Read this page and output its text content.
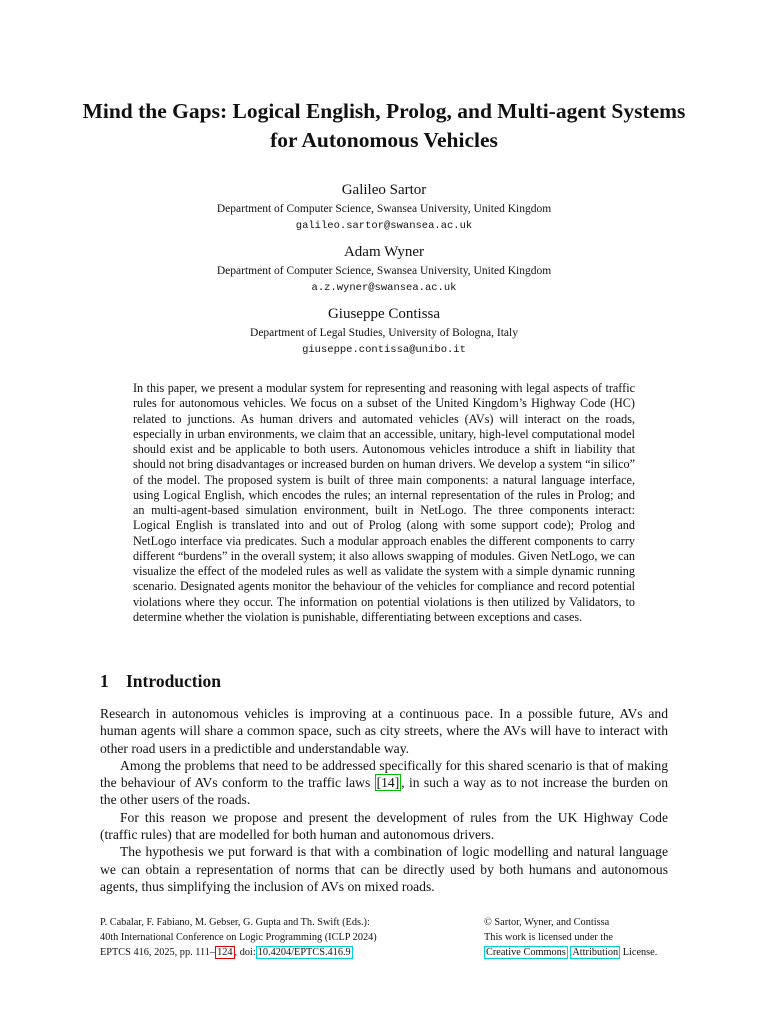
Mind the Gaps: Logical English, Prolog, and Multi-agent Systems for Autonomous Vehicles
Galileo Sartor
Department of Computer Science, Swansea University, United Kingdom
galileo.sartor@swansea.ac.uk
Adam Wyner
Department of Computer Science, Swansea University, United Kingdom
a.z.wyner@swansea.ac.uk
Giuseppe Contissa
Department of Legal Studies, University of Bologna, Italy
giuseppe.contissa@unibo.it

In this paper, we present a modular system for representing and reasoning with legal aspects of traffic rules for autonomous vehicles. We focus on a subset of the United Kingdom’s Highway Code (HC) related to junctions. As human drivers and automated vehicles (AVs) will interact on the roads, especially in urban environments, we claim that an accessible, unitary, high-level computational model should exist and be applicable to both users. Autonomous vehicles introduce a shift in liability that should not bring disadvantages or increased burden on human drivers. We develop a system “in silico” of the model. The proposed system is built of three main components: a natural language interface, using Logical English, which encodes the rules; an internal representation of the rules in Prolog; and an multi-agent-based simulation environment, built in NetLogo. The three components interact: Logical English is translated into and out of Prolog (along with some support code); Prolog and NetLogo interface via predicates. Such a modular approach enables the different components to carry different “burdens” in the overall system; it also allows swapping of modules. Given NetLogo, we can visualize the effect of the modeled rules as well as validate the system with a simple dynamic running scenario. Designated agents monitor the behaviour of the vehicles for compliance and record potential violations where they occur. The information on potential violations is then utilized by Validators, to determine whether the violation is punishable, differentiating between exceptions and cases.

1 Introduction

Research in autonomous vehicles is improving at a continuous pace. In a possible future, AVs and human agents will share a common space, such as city streets, where the AVs will have to interact with other road users in a predictible and understandable way.

Among the problems that need to be addressed specifically for this shared scenario is that of making the behaviour of AVs conform to the traffic laws [14] , in such a way as to not increase the burden on the other users of the roads.

For this reason we propose and present the development of rules from the UK Highway Code (traffic rules) that are modelled for both human and autonomous drivers.

The hypothesis we put forward is that with a combination of logic modelling and natural language we can obtain a representation of norms that can be directly used by both humans and autonomous agents, thus simplifying the inclusion of AVs on mixed roads.

P. Cabalar, F. Fabiano, M. Gebser, G. Gupta and Th. Swift (Eds.):
40th International Conference on Logic Programming (ICLP 2024)
EPTCS 416, 2025, pp. 111– 124 , doi: 10.4204/EPTCS.416.9
© Sartor, Wyner, and Contissa
This work is licensed under the
Creative Commons Attribution License.
